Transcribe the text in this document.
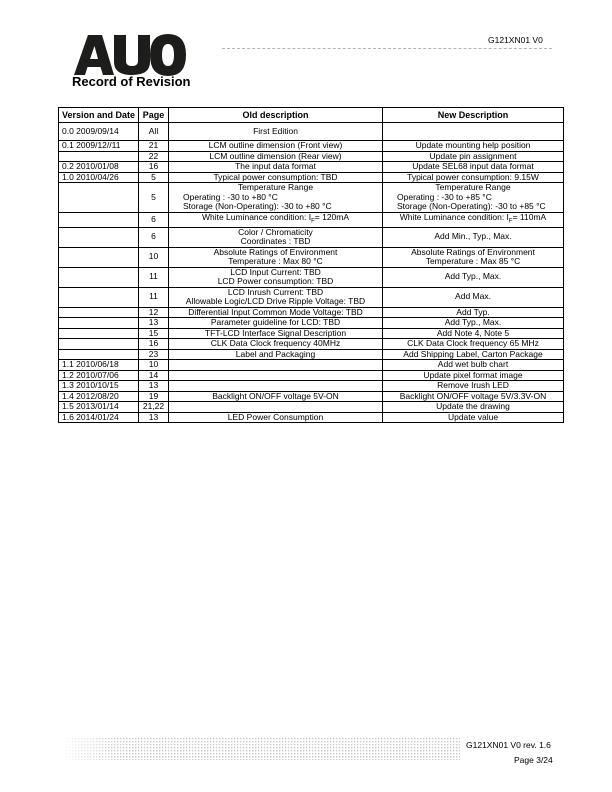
G121XN01 V0
Record of Revision
Version and Date	Page	Old description	New Description
0.0 2009/09/14	All	First Edition	

0.1 2009/12//11	21	LCM outline dimension (Front view)	Update mounting help position

	22	LCM outline dimension (Rear view)	Update pin assignment

0.2 2010/01/08	16	The input data format	Update SEL68 input data format

1.0 2010/04/26	5	Typical power consumption: TBD	Typical power consumption: 9.15W

	5	Temperature Range
Operating : -30 to +80 °C
Storage (Non-Operating): -30 to +80 °C	Temperature Range
Operating : -30 to +85 °C
Storage (Non-Operating): -30 to +85 °C

	6	White Luminance condition: $I_F= 120mA$	White Luminance condition: $I_F= 110mA$

	6	Color / Chromaticity
Coordinates : TBD	Add Min., Typ., Max.

	10	Absolute Ratings of Environment
Temperature : Max 80 °C	Absolute Ratings of Environment
Temperature : Max 85 °C

	11	LCD Input Current: TBD
LCD Power consumption: TBD	Add Typ., Max.

	11	LCD Inrush Current: TBD
Allowable Logic/LCD Drive Ripple Voltage: TBD	Add Max.

	12	Differential Input Common Mode Voltage: TBD	Add Typ.

	13	Parameter guideline for LCD: TBD	Add Typ., Max.

	15	TFT-LCD Interface Signal Description	Add Note 4, Note 5

	16	CLK Data Clock frequency 40MHz	CLK Data Clock frequency 65 MHz

	23	Label and Packaging	Add Shipping Label, Carton Package

1.1 2010/06/18	10		Add wet bulb chart

1.2 2010/07/06	14		Update pixel format image

1.3 2010/10/15	13		Remove Irush LED

1.4 2012/08/20	19	Backlight ON/OFF voltage 5V-ON	Backlight ON/OFF voltage 5V/3.3V-ON

1.5 2013/01/14	21,22		Update the drawing

1.6 2014/01/24	13	LED Power Consumption	Update value
G121XN01 V0 rev. 1.6
Page 3/24
